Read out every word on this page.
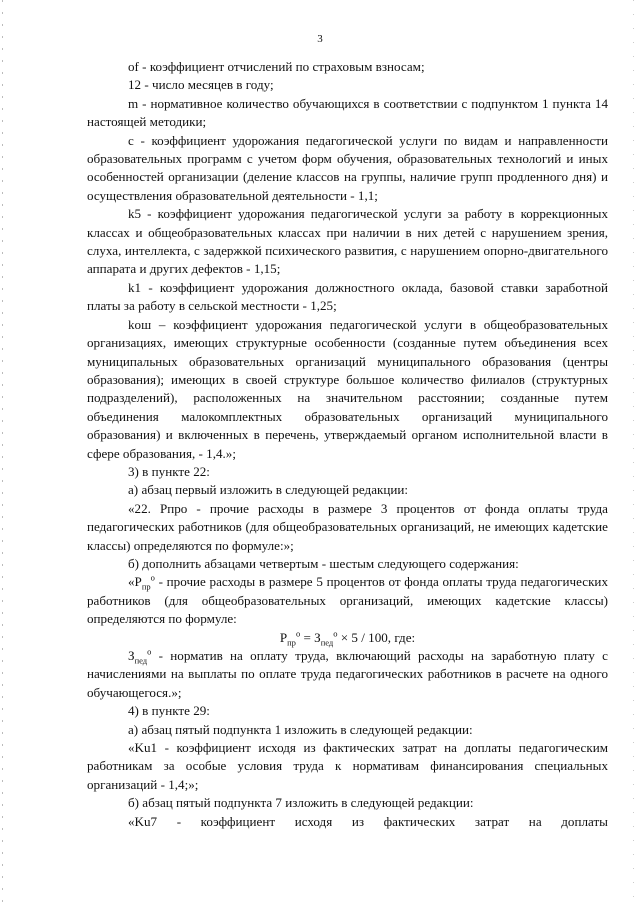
3

of - коэффициент отчислений по страховым взносам;

12 - число месяцев в году;

m - нормативное количество обучающихся в соответствии с подпунктом 1 пункта 14 настоящей методики;

с - коэффициент удорожания педагогической услуги по видам и направленности образовательных программ с учетом форм обучения, образовательных технологий и иных особенностей организации (деление классов на группы, наличие групп продленного дня) и осуществления образовательной деятельности - 1,1;

k5 - коэффициент удорожания педагогической услуги за работу в коррекционных классах и общеобразовательных классах при наличии в них детей с нарушением зрения, слуха, интеллекта, с задержкой психического развития, с нарушением опорно-двигательного аппарата и других дефектов - 1,15;

k1 - коэффициент удорожания должностного оклада, базовой ставки заработной платы за работу в сельской местности - 1,25;

kош – коэффициент удорожания педагогической услуги в общеобразовательных организациях, имеющих структурные особенности (созданные путем объединения всех муниципальных образовательных организаций муниципального образования (центры образования); имеющих в своей структуре большое количество филиалов (структурных подразделений), расположенных на значительном расстоянии; созданные путем объединения малокомплектных образовательных организаций муниципального образования) и включенных в перечень, утверждаемый органом исполнительной власти в сфере образования, - 1,4.»;

3) в пункте 22:

а) абзац первый изложить в следующей редакции:

«22. Pпро - прочие расходы в размере 3 процентов от фонда оплаты труда педагогических работников (для общеобразовательных организаций, не имеющих кадетские классы) определяются по формуле:»;

б) дополнить абзацами четвертым - шестым следующего содержания:

«$P_{пр}^о$ - прочие расходы в размере 5 процентов от фонда оплаты труда педагогических работников (для общеобразовательных организаций, имеющих кадетские классы) определяются по формуле:

$P_{пр}^о = З_{пед}^о \times 5 / 100$, где:

$З_{пед}^о$ - норматив на оплату труда, включающий расходы на заработную плату с начислениями на выплаты по оплате труда педагогических работников в расчете на одного обучающегося.»;

4) в пункте 29:

а) абзац пятый подпункта 1 изложить в следующей редакции:

«Ku1 - коэффициент исходя из фактических затрат на доплаты педагогическим работникам за особые условия труда к нормативам финансирования специальных организаций - 1,4;»;

б) абзац пятый подпункта 7 изложить в следующей редакции:

«Ku7 - коэффициент исходя из фактических затрат на доплаты
